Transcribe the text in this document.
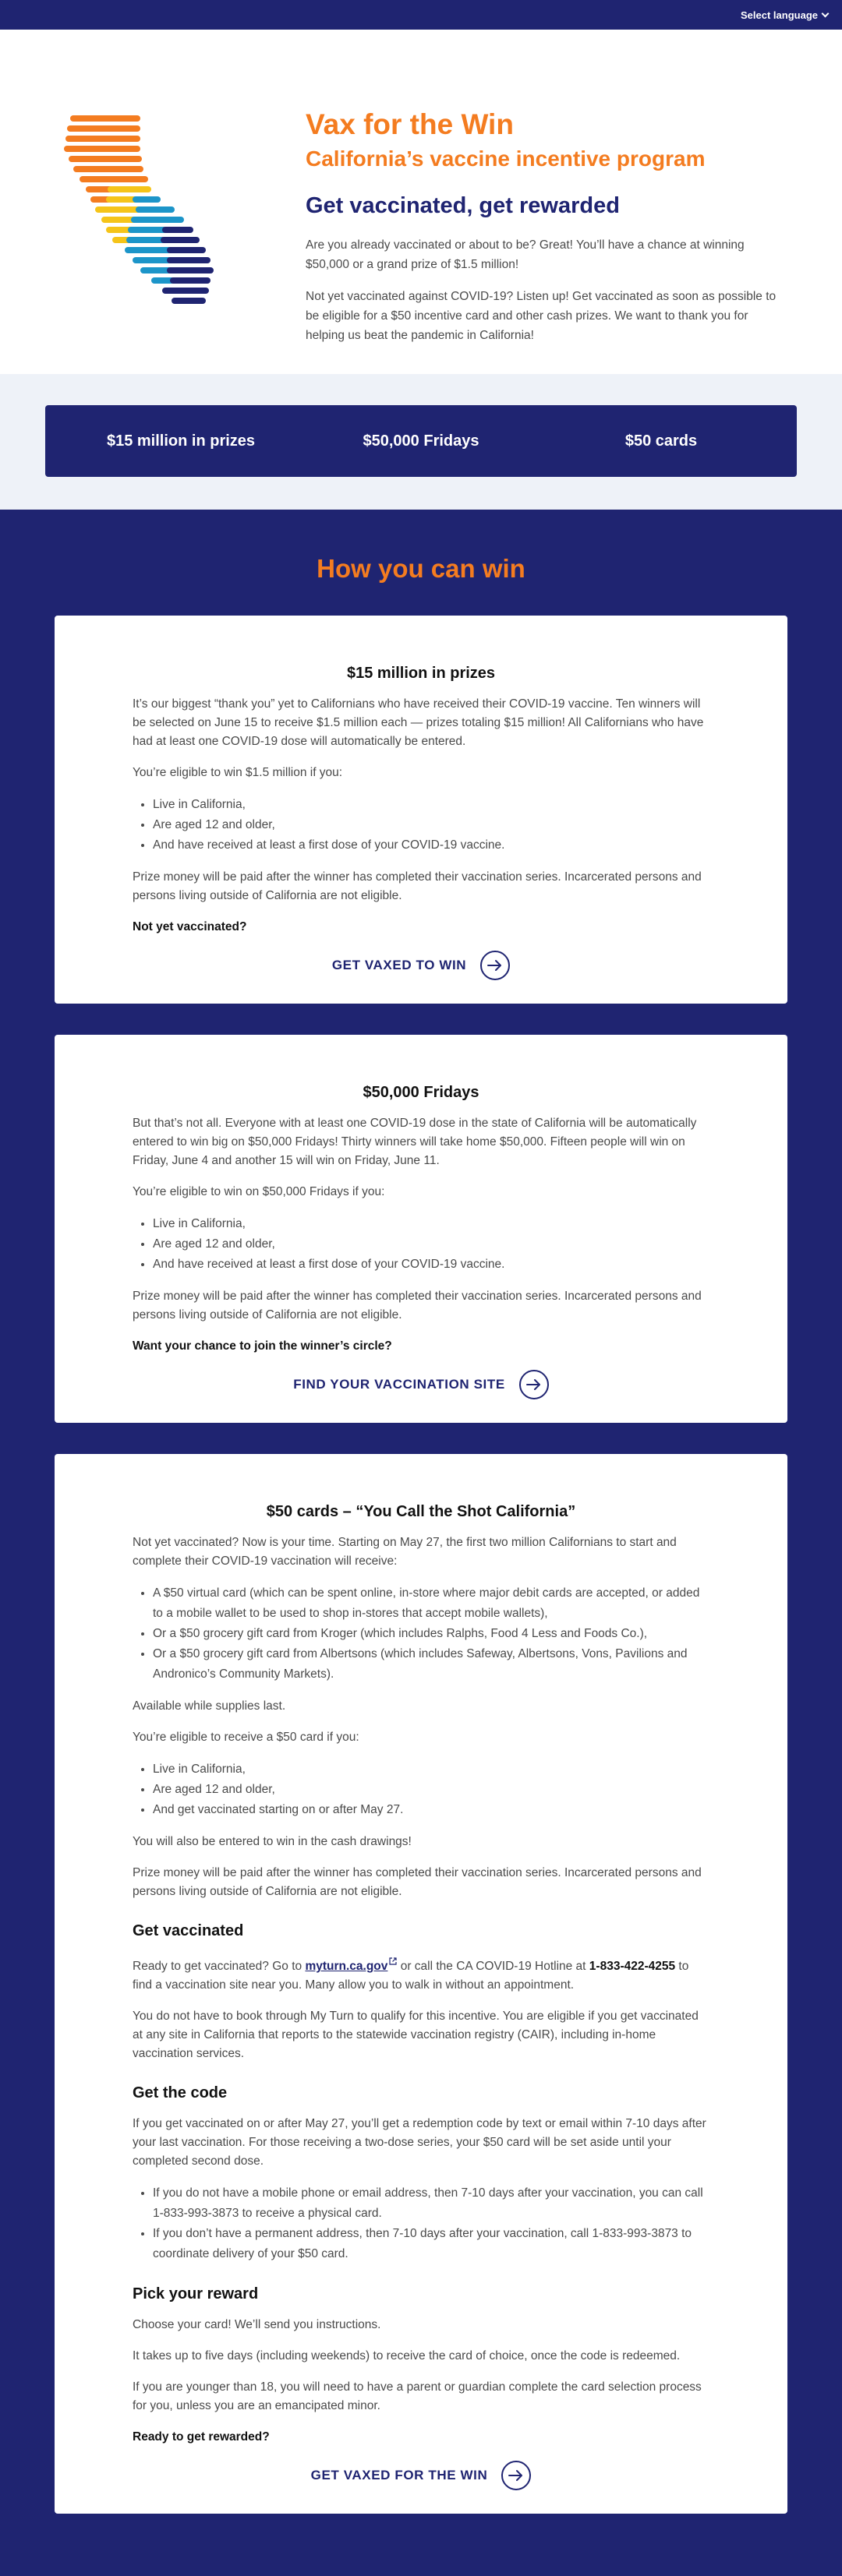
Select language
Vax for the Win
California’s vaccine incentive program
Get vaccinated, get rewarded

Are you already vaccinated or about to be? Great! You’ll have a chance at winning $50,000 or a grand prize of $1.5 million!

Not yet vaccinated against COVID-19? Listen up! Get vaccinated as soon as possible to be eligible for a $50 incentive card and other cash prizes. We want to thank you for helping us beat the pandemic in California!

$15 million in prizes	$50,000 Fridays	$50 cards
How you can win
$15 million in prizes

It’s our biggest “thank you” yet to Californians who have received their COVID-19 vaccine. Ten winners will be selected on June 15 to receive $1.5 million each — prizes totaling $15 million! All Californians who have had at least one COVID-19 dose will automatically be entered.

You’re eligible to win $1.5 million if you:

• Live in California,
• Are aged 12 and older,
• And have received at least a first dose of your COVID-19 vaccine.

Prize money will be paid after the winner has completed their vaccination series. Incarcerated persons and persons living outside of California are not eligible.

Not yet vaccinated?
GET VAXED TO WIN
$50,000 Fridays

But that’s not all. Everyone with at least one COVID-19 dose in the state of California will be automatically entered to win big on $50,000 Fridays! Thirty winners will take home $50,000. Fifteen people will win on Friday, June 4 and another 15 will win on Friday, June 11.

You’re eligible to win on $50,000 Fridays if you:

• Live in California,
• Are aged 12 and older,
• And have received at least a first dose of your COVID-19 vaccine.

Prize money will be paid after the winner has completed their vaccination series. Incarcerated persons and persons living outside of California are not eligible.

Want your chance to join the winner’s circle?
FIND YOUR VACCINATION SITE
$50 cards – “You Call the Shot California”

Not yet vaccinated? Now is your time. Starting on May 27, the first two million Californians to start and complete their COVID-19 vaccination will receive:

• A $50 virtual card (which can be spent online, in-store where major debit cards are accepted, or added to a mobile wallet to be used to shop in-stores that accept mobile wallets),
• Or a $50 grocery gift card from Kroger (which includes Ralphs, Food 4 Less and Foods Co.),
• Or a $50 grocery gift card from Albertsons (which includes Safeway, Albertsons, Vons, Pavilions and Andronico’s Community Markets).

Available while supplies last.

You’re eligible to receive a $50 card if you:

• Live in California,
• Are aged 12 and older,
• And get vaccinated starting on or after May 27.

You will also be entered to win in the cash drawings!

Prize money will be paid after the winner has completed their vaccination series. Incarcerated persons and persons living outside of California are not eligible.

Get vaccinated

Ready to get vaccinated? Go to myturn.ca.gov or call the CA COVID-19 Hotline at 1-833-422-4255 to find a vaccination site near you. Many allow you to walk in without an appointment.

You do not have to book through My Turn to qualify for this incentive. You are eligible if you get vaccinated at any site in California that reports to the statewide vaccination registry (CAIR), including in-home vaccination services.

Get the code

If you get vaccinated on or after May 27, you’ll get a redemption code by text or email within 7-10 days after your last vaccination. For those receiving a two-dose series, your $50 card will be set aside until your completed second dose.

• If you do not have a mobile phone or email address, then 7-10 days after your vaccination, you can call 1-833-993-3873 to receive a physical card.
• If you don’t have a permanent address, then 7-10 days after your vaccination, call 1-833-993-3873 to coordinate delivery of your $50 card.
Pick your reward

Choose your card! We’ll send you instructions.

It takes up to five days (including weekends) to receive the card of choice, once the code is redeemed.

If you are younger than 18, you will need to have a parent or guardian complete the card selection process for you, unless you are an emancipated minor.

Ready to get rewarded?
GET VAXED FOR THE WIN
